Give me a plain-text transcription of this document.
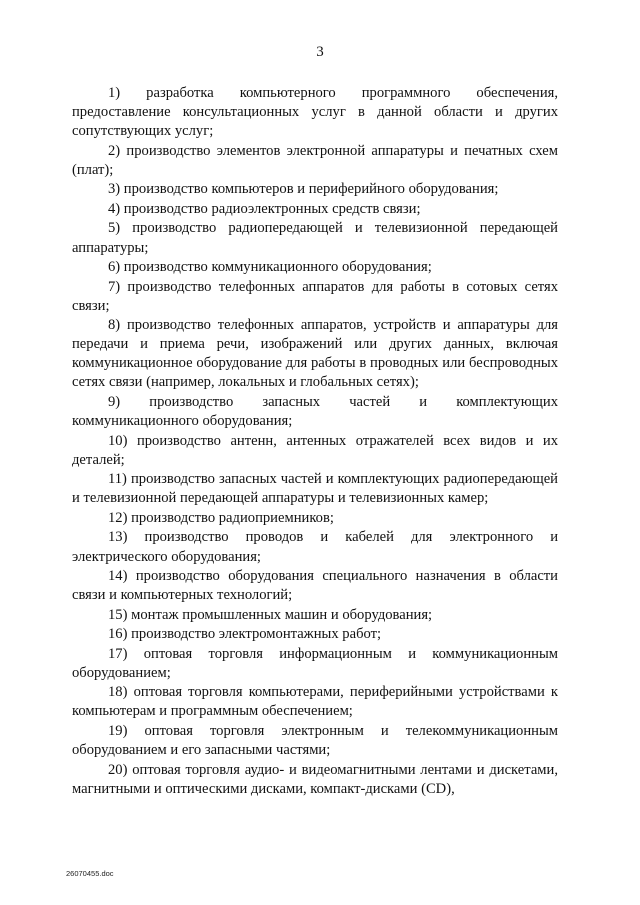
3

1) разработка компьютерного программного обеспечения, предоставление консультационных услуг в данной области и других сопутствующих услуг;

2) производство элементов электронной аппаратуры и печатных схем (плат);

3) производство компьютеров и периферийного оборудования;

4) производство радиоэлектронных средств связи;

5) производство радиопередающей и телевизионной передающей аппаратуры;

6) производство коммуникационного оборудования;

7) производство телефонных аппаратов для работы в сотовых сетях связи;

8) производство телефонных аппаратов, устройств и аппаратуры для передачи и приема речи, изображений или других данных, включая коммуникационное оборудование для работы в проводных или беспроводных сетях связи (например, локальных и глобальных сетях);

9) производство запасных частей и комплектующих коммуникационного оборудования;

10) производство антенн, антенных отражателей всех видов и их деталей;

11) производство запасных частей и комплектующих радиопередающей и телевизионной передающей аппаратуры и телевизионных камер;

12) производство радиоприемников;

13) производство проводов и кабелей для электронного и электрического оборудования;

14) производство оборудования специального назначения в области связи и компьютерных технологий;

15) монтаж промышленных машин и оборудования;

16) производство электромонтажных работ;

17) оптовая торговля информационным и коммуникационным оборудованием;

18) оптовая торговля компьютерами, периферийными устройствами к компьютерам и программным обеспечением;

19) оптовая торговля электронным и телекоммуникационным оборудованием и его запасными частями;

20) оптовая торговля аудио- и видеомагнитными лентами и дискетами, магнитными и оптическими дисками, компакт-дисками (CD),

26070455.doc
